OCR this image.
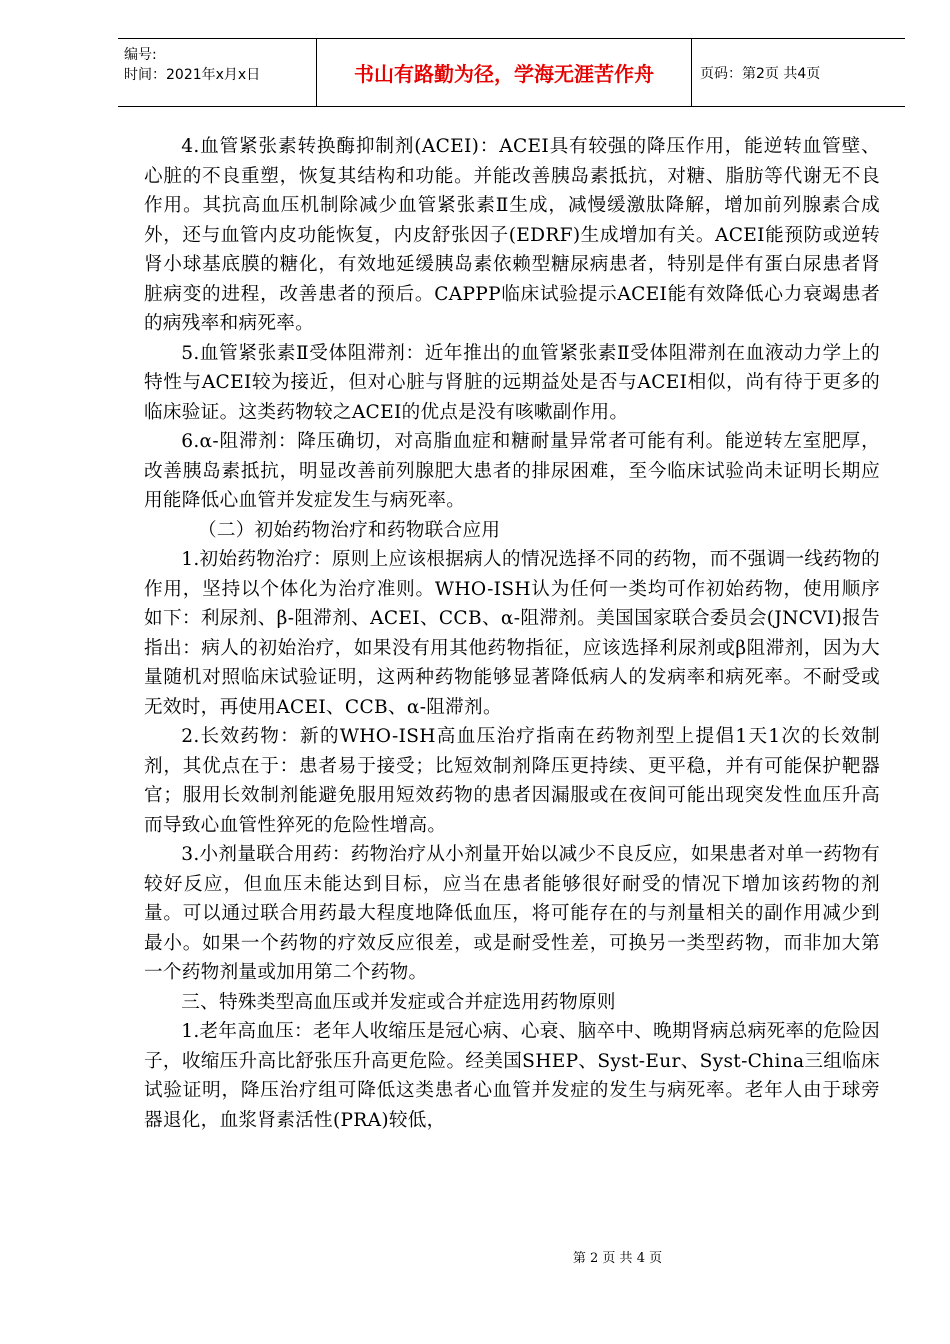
编号:
时间：2021年x月x日	书山有路勤为径，学海无涯苦作舟	页码：第2页 共4页

4.血管紧张素转换酶抑制剂(ACEI)：ACEI具有较强的降压作用，能逆转血管壁、心脏的不良重塑，恢复其结构和功能。并能改善胰岛素抵抗，对糖、脂肪等代谢无不良作用。其抗高血压机制除减少血管紧张素Ⅱ生成，减慢缓激肽降解，增加前列腺素合成外，还与血管内皮功能恢复，内皮舒张因子(EDRF)生成增加有关。ACEI能预防或逆转肾小球基底膜的糖化，有效地延缓胰岛素依赖型糖尿病患者，特别是伴有蛋白尿患者肾脏病变的进程，改善患者的预后。CAPPP临床试验提示ACEI能有效降低心力衰竭患者的病残率和病死率。

5.血管紧张素Ⅱ受体阻滞剂：近年推出的血管紧张素Ⅱ受体阻滞剂在血液动力学上的特性与ACEI较为接近，但对心脏与肾脏的远期益处是否与ACEI相似，尚有待于更多的临床验证。这类药物较之ACEI的优点是没有咳嗽副作用。

6.α-阻滞剂：降压确切，对高脂血症和糖耐量异常者可能有利。能逆转左室肥厚，改善胰岛素抵抗，明显改善前列腺肥大患者的排尿困难，至今临床试验尚未证明长期应用能降低心血管并发症发生与病死率。

（二）初始药物治疗和药物联合应用

1.初始药物治疗：原则上应该根据病人的情况选择不同的药物，而不强调一线药物的作用，坚持以个体化为治疗准则。WHO-ISH认为任何一类均可作初始药物，使用顺序如下：利尿剂、β-阻滞剂、ACEI、CCB、α-阻滞剂。美国国家联合委员会(JNCVI)报告指出：病人的初始治疗，如果没有用其他药物指征，应该选择利尿剂或β阻滞剂，因为大量随机对照临床试验证明，这两种药物能够显著降低病人的发病率和病死率。不耐受或无效时，再使用ACEI、CCB、α-阻滞剂。

2.长效药物：新的WHO-ISH高血压治疗指南在药物剂型上提倡1天1次的长效制剂，其优点在于：患者易于接受；比短效制剂降压更持续、更平稳，并有可能保护靶器官；服用长效制剂能避免服用短效药物的患者因漏服或在夜间可能出现突发性血压升高而导致心血管性猝死的危险性增高。

3.小剂量联合用药：药物治疗从小剂量开始以减少不良反应，如果患者对单一药物有较好反应，但血压未能达到目标，应当在患者能够很好耐受的情况下增加该药物的剂量。可以通过联合用药最大程度地降低血压，将可能存在的与剂量相关的副作用减少到最小。如果一个药物的疗效反应很差，或是耐受性差，可换另一类型药物，而非加大第一个药物剂量或加用第二个药物。

三、特殊类型高血压或并发症或合并症选用药物原则

1.老年高血压：老年人收缩压是冠心病、心衰、脑卒中、晚期肾病总病死率的危险因子，收缩压升高比舒张压升高更危险。经美国SHEP、Syst-Eur、Syst-China三组临床试验证明，降压治疗组可降低这类患者心血管并发症的发生与病死率。老年人由于球旁器退化，血浆肾素活性(PRA)较低，

第 2 页 共 4 页
